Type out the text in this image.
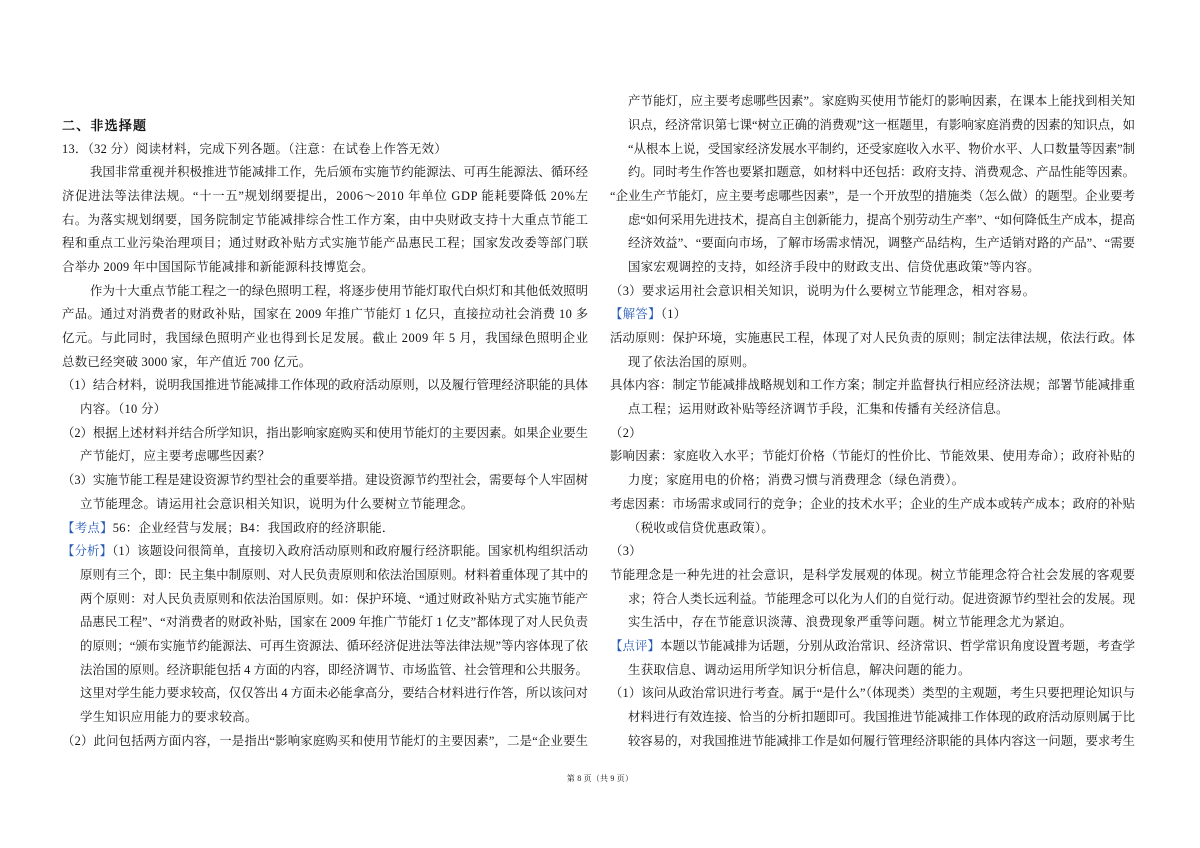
二、非选择题
13．（32 分）阅读材料，完成下列各题。（注意：在试卷上作答无效）
我国非常重视并积极推进节能减排工作，先后颁布实施节约能源法、可再生能源法、循环经
济促进法等法律法规。“十一五”规划纲要提出，2006～2010 年单位 GDP 能耗要降低 20%左
右。为落实规划纲要，国务院制定节能减排综合性工作方案，由中央财政支持十大重点节能工
程和重点工业污染治理项目；通过财政补贴方式实施节能产品惠民工程；国家发改委等部门联
合举办 2009 年中国国际节能减排和新能源科技博览会。
作为十大重点节能工程之一的绿色照明工程，将逐步使用节能灯取代白炽灯和其他低效照明
产品。通过对消费者的财政补贴，国家在 2009 年推广节能灯 1 亿只，直接拉动社会消费 10 多
亿元。与此同时，我国绿色照明产业也得到长足发展。截止 2009 年 5 月，我国绿色照明企业
总数已经突破 3000 家，年产值近 700 亿元。
（1）结合材料，说明我国推进节能减排工作体现的政府活动原则，以及履行管理经济职能的具体
内容。（10 分）
（2）根据上述材料并结合所学知识，指出影响家庭购买和使用节能灯的主要因素。如果企业要生
产节能灯，应主要考虑哪些因素？
（3）实施节能工程是建设资源节约型社会的重要举措。建设资源节约型社会，需要每个人牢固树
立节能理念。请运用社会意识相关知识，说明为什么要树立节能理念。
【考点】56：企业经营与发展；B4：我国政府的经济职能．
【分析】（1）该题设问很简单，直接切入政府活动原则和政府履行经济职能。国家机构组织活动
原则有三个，即：民主集中制原则、对人民负责原则和依法治国原则。材料着重体现了其中的
两个原则：对人民负责原则和依法治国原则。如：保护环境、“通过财政补贴方式实施节能产
品惠民工程”、“对消费者的财政补贴，国家在 2009 年推广节能灯 1 亿支”都体现了对人民负责
的原则；“颁布实施节约能源法、可再生资源法、循环经济促进法等法律法规”等内容体现了依
法治国的原则。经济职能包括 4 方面的内容，即经济调节、市场监管、社会管理和公共服务。
这里对学生能力要求较高，仅仅答出 4 方面未必能拿高分，要结合材料进行作答，所以该问对
学生知识应用能力的要求较高。
（2）此问包括两方面内容，一是指出“影响家庭购买和使用节能灯的主要因素”，二是“企业要生
产节能灯，应主要考虑哪些因素”。家庭购买使用节能灯的影响因素，在课本上能找到相关知
识点，经济常识第七课“树立正确的消费观”这一框题里，有影响家庭消费的因素的知识点，如
“从根本上说，受国家经济发展水平制约，还受家庭收入水平、物价水平、人口数量等因素”制
约。同时考生作答也要紧扣题意，如材料中还包括：政府支持、消费观念、产品性能等因素。
“企业生产节能灯，应主要考虑哪些因素”，是一个开放型的措施类（怎么做）的题型。企业要考
虑“如何采用先进技术，提高自主创新能力，提高个别劳动生产率”、“如何降低生产成本，提高
经济效益”、“要面向市场，了解市场需求情况，调整产品结构，生产适销对路的产品”、“需要
国家宏观调控的支持，如经济手段中的财政支出、信贷优惠政策”等内容。
（3）要求运用社会意识相关知识，说明为什么要树立节能理念，相对容易。
【解答】（1）
活动原则：保护环境，实施惠民工程，体现了对人民负责的原则；制定法律法规，依法行政。体
现了依法治国的原则。
具体内容：制定节能减排战略规划和工作方案；制定并监督执行相应经济法规；部署节能减排重
点工程；运用财政补贴等经济调节手段，汇集和传播有关经济信息。
（2）
影响因素：家庭收入水平；节能灯价格（节能灯的性价比、节能效果、使用寿命）；政府补贴的
力度；家庭用电的价格；消费习惯与消费理念（绿色消费）。
考虑因素：市场需求或同行的竞争；企业的技术水平；企业的生产成本或转产成本；政府的补贴
（税收或信贷优惠政策）。
（3）
节能理念是一种先进的社会意识，是科学发展观的体现。树立节能理念符合社会发展的客观要
求；符合人类长远利益。节能理念可以化为人们的自觉行动。促进资源节约型社会的发展。现
实生活中，存在节能意识淡薄、浪费现象严重等问题。树立节能理念尤为紧迫。
【点评】本题以节能减排为话题，分别从政治常识、经济常识、哲学常识角度设置考题，考查学
生获取信息、调动运用所学知识分析信息，解决问题的能力。
（1）该问从政治常识进行考查。属于“是什么”（体现类）类型的主观题，考生只要把理论知识与
材料进行有效连接、恰当的分析扣题即可。我国推进节能减排工作体现的政府活动原则属于比
较容易的，对我国推进节能减排工作是如何履行管理经济职能的具体内容这一问题，要求考生
第 8 页（共 9 页）
